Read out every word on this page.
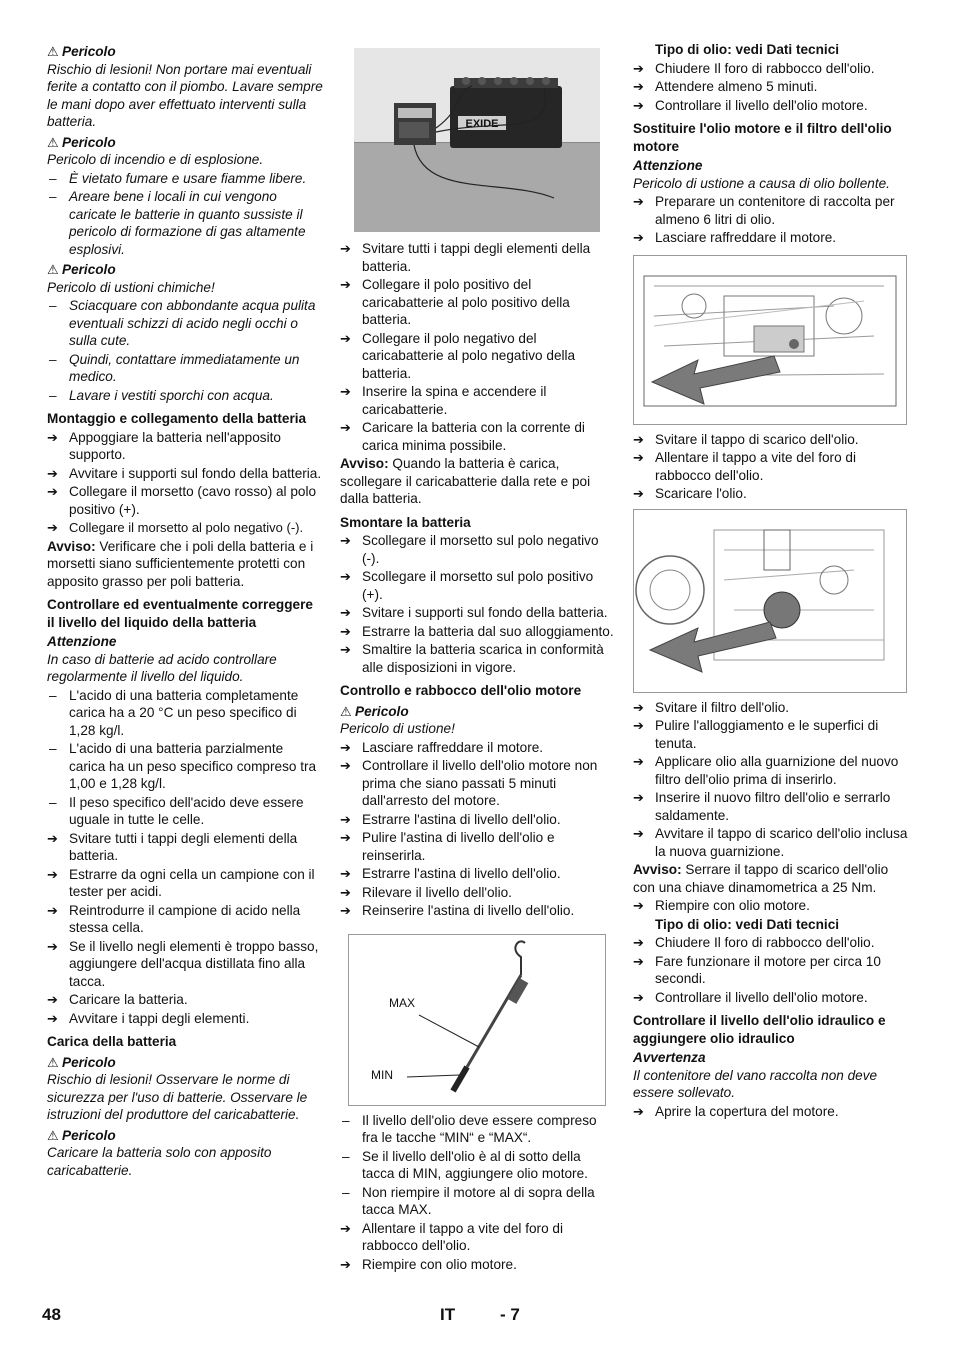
⚠ Pericolo

Rischio di lesioni! Non portare mai eventuali ferite a contatto con il piombo. Lavare sempre le mani dopo aver effettuato interventi sulla batteria.

⚠ Pericolo

Pericolo di incendio e di esplosione.

– È vietato fumare e usare fiamme libere.
– Areare bene i locali in cui vengono caricate le batterie in quanto sussiste il pericolo di formazione di gas altamente esplosivi.
⚠ Pericolo

Pericolo di ustioni chimiche!

– Sciacquare con abbondante acqua pulita eventuali schizzi di acido negli occhi o sulla cute.
– Quindi, contattare immediatamente un medico.
– Lavare i vestiti sporchi con acqua.
Montaggio e collegamento della batteria
➔ Appoggiare la batteria nell'apposito supporto.
➔ Avvitare i supporti sul fondo della batteria.
➔ Collegare il morsetto (cavo rosso) al polo positivo (+).
➔ Collegare il morsetto al polo negativo (-).

Avviso: Verificare che i poli della batteria e i morsetti siano sufficientemente protetti con apposito grasso per poli batteria.

Controllare ed eventualmente correggere il livello del liquido della batteria
Attenzione

In caso di batterie ad acido controllare regolarmente il livello del liquido.

– L'acido di una batteria completamente carica ha a 20 °C un peso specifico di 1,28 kg/l.
– L'acido di una batteria parzialmente carica ha un peso specifico compreso tra 1,00 e 1,28 kg/l.
– Il peso specifico dell'acido deve essere uguale in tutte le celle.
➔ Svitare tutti i tappi degli elementi della batteria.
➔ Estrarre da ogni cella un campione con il tester per acidi.
➔ Reintrodurre il campione di acido nella stessa cella.
➔ Se il livello negli elementi è troppo basso, aggiungere dell'acqua distillata fino alla tacca.
➔ Caricare la batteria.
➔ Avvitare i tappi degli elementi.
Carica della batteria
⚠ Pericolo

Rischio di lesioni! Osservare le norme di sicurezza per l'uso di batterie. Osservare le istruzioni del produttore del caricabatterie.

⚠ Pericolo

Caricare la batteria solo con apposito caricabatterie.

EXIDE
➔ Svitare tutti i tappi degli elementi della batteria.
➔ Collegare il polo positivo del caricabatterie al polo positivo della batteria.
➔ Collegare il polo negativo del caricabatterie al polo negativo della batteria.
➔ Inserire la spina e accendere il caricabatterie.
➔ Caricare la batteria con la corrente di carica minima possibile.

Avviso: Quando la batteria è carica, scollegare il caricabatterie dalla rete e poi dalla batteria.

Smontare la batteria
➔ Scollegare il morsetto sul polo negativo (-).
➔ Scollegare il morsetto sul polo positivo (+).
➔ Svitare i supporti sul fondo della batteria.
➔ Estrarre la batteria dal suo alloggiamento.
➔ Smaltire la batteria scarica in conformità alle disposizioni in vigore.
Controllo e rabbocco dell'olio motore
⚠ Pericolo

Pericolo di ustione!

➔ Lasciare raffreddare il motore.
➔ Controllare il livello dell'olio motore non prima che siano passati 5 minuti dall'arresto del motore.
➔ Estrarre l'astina di livello dell'olio.
➔ Pulire l'astina di livello dell'olio e reinserirla.
➔ Estrarre l'astina di livello dell'olio.
➔ Rilevare il livello dell'olio.
➔ Reinserire l'astina di livello dell'olio.
MAX
MIN
– Il livello dell'olio deve essere compreso fra le tacche “MIN“ e “MAX“.
– Se il livello dell'olio è al di sotto della tacca di MIN, aggiungere olio motore.
– Non riempire il motore al di sopra della tacca MAX.
➔ Allentare il tappo a vite del foro di rabbocco dell'olio.
➔ Riempire con olio motore.
Tipo di olio: vedi Dati tecnici
➔ Chiudere Il foro di rabbocco dell'olio.
➔ Attendere almeno 5 minuti.
➔ Controllare il livello dell'olio motore.
Sostituire l'olio motore e il filtro dell'olio motore
Attenzione

Pericolo di ustione a causa di olio bollente.

➔ Preparare un contenitore di raccolta per almeno 6 litri di olio.
➔ Lasciare raffreddare il motore.
➔ Svitare il tappo di scarico dell'olio.
➔ Allentare il tappo a vite del foro di rabbocco dell'olio.
➔ Scaricare l'olio.
➔ Svitare il filtro dell'olio.
➔ Pulire l'alloggiamento e le superfici di tenuta.
➔ Applicare olio alla guarnizione del nuovo filtro dell'olio prima di inserirlo.
➔ Inserire il nuovo filtro dell'olio e serrarlo saldamente.
➔ Avvitare il tappo di scarico dell'olio inclusa la nuova guarnizione.

Avviso: Serrare il tappo di scarico dell'olio con una chiave dinamometrica a 25 Nm.

➔ Riempire con olio motore.
Tipo di olio: vedi Dati tecnici
➔ Chiudere Il foro di rabbocco dell'olio.
➔ Fare funzionare il motore per circa 10 secondi.
➔ Controllare il livello dell'olio motore.
Controllare il livello dell'olio idraulico e aggiungere olio idraulico
Avvertenza

Il contenitore del vano raccolta non deve essere sollevato.

➔ Aprire la copertura del motore.
48	IT	- 7
